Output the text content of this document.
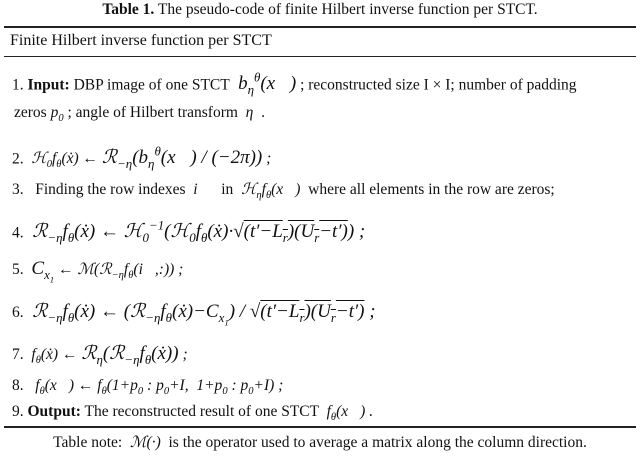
Table 1. The pseudo-code of finite Hilbert inverse function per STCT.
Finite Hilbert inverse function per STCT
1. Input: DBP image of one STCT  $b_\eta^\theta(x⃗)$ ; reconstructed size I × I; number of padding
zeros $p_0$ ; angle of Hilbert transform  η  .
2. $ℋ_0f_\theta(ẋ)$ ← $ℛ_{-\eta}(b_\eta^\theta(x⃗) / (-2\pi))$ ;
3. Finding the row indexes  i⃗   in $ℋ_\eta f_\theta(x⃗)$  where all elements in the row are zeros;
4. $ℛ_{-\eta}f_\theta(ẋ)$ ← $ℋ_0^{-1}(ℋ_0f_\theta(ẋ)\cdot√(t'-L_r)(U_r-t'))$ ;
5. $C_{x_1}$ ← $ℳ(ℛ_{-\eta}f_\theta(i⃗,:))$ ;
6. $ℛ_{-\eta}f_\theta(ẋ)$ ← $(ℛ_{-\eta}f_\theta(ẋ)-C_{x_1}) / √(t'-L_r)(U_r-t')$ ;
7.  $f_\theta(ẋ)$ ← $ℛ_\eta(ℛ_{-\eta}f_\theta(ẋ))$ ;
8.   $f_\theta(x⃗)$ ← $f_\theta(1+p_0$ : $p_0+I$,  $1+p_0$ : $p_0+I$) ;
9. Output: The reconstructed result of one STCT  $f_\theta(x⃗)$ .
Table note: ℳ(·)  is the operator used to average a matrix along the column direction.
